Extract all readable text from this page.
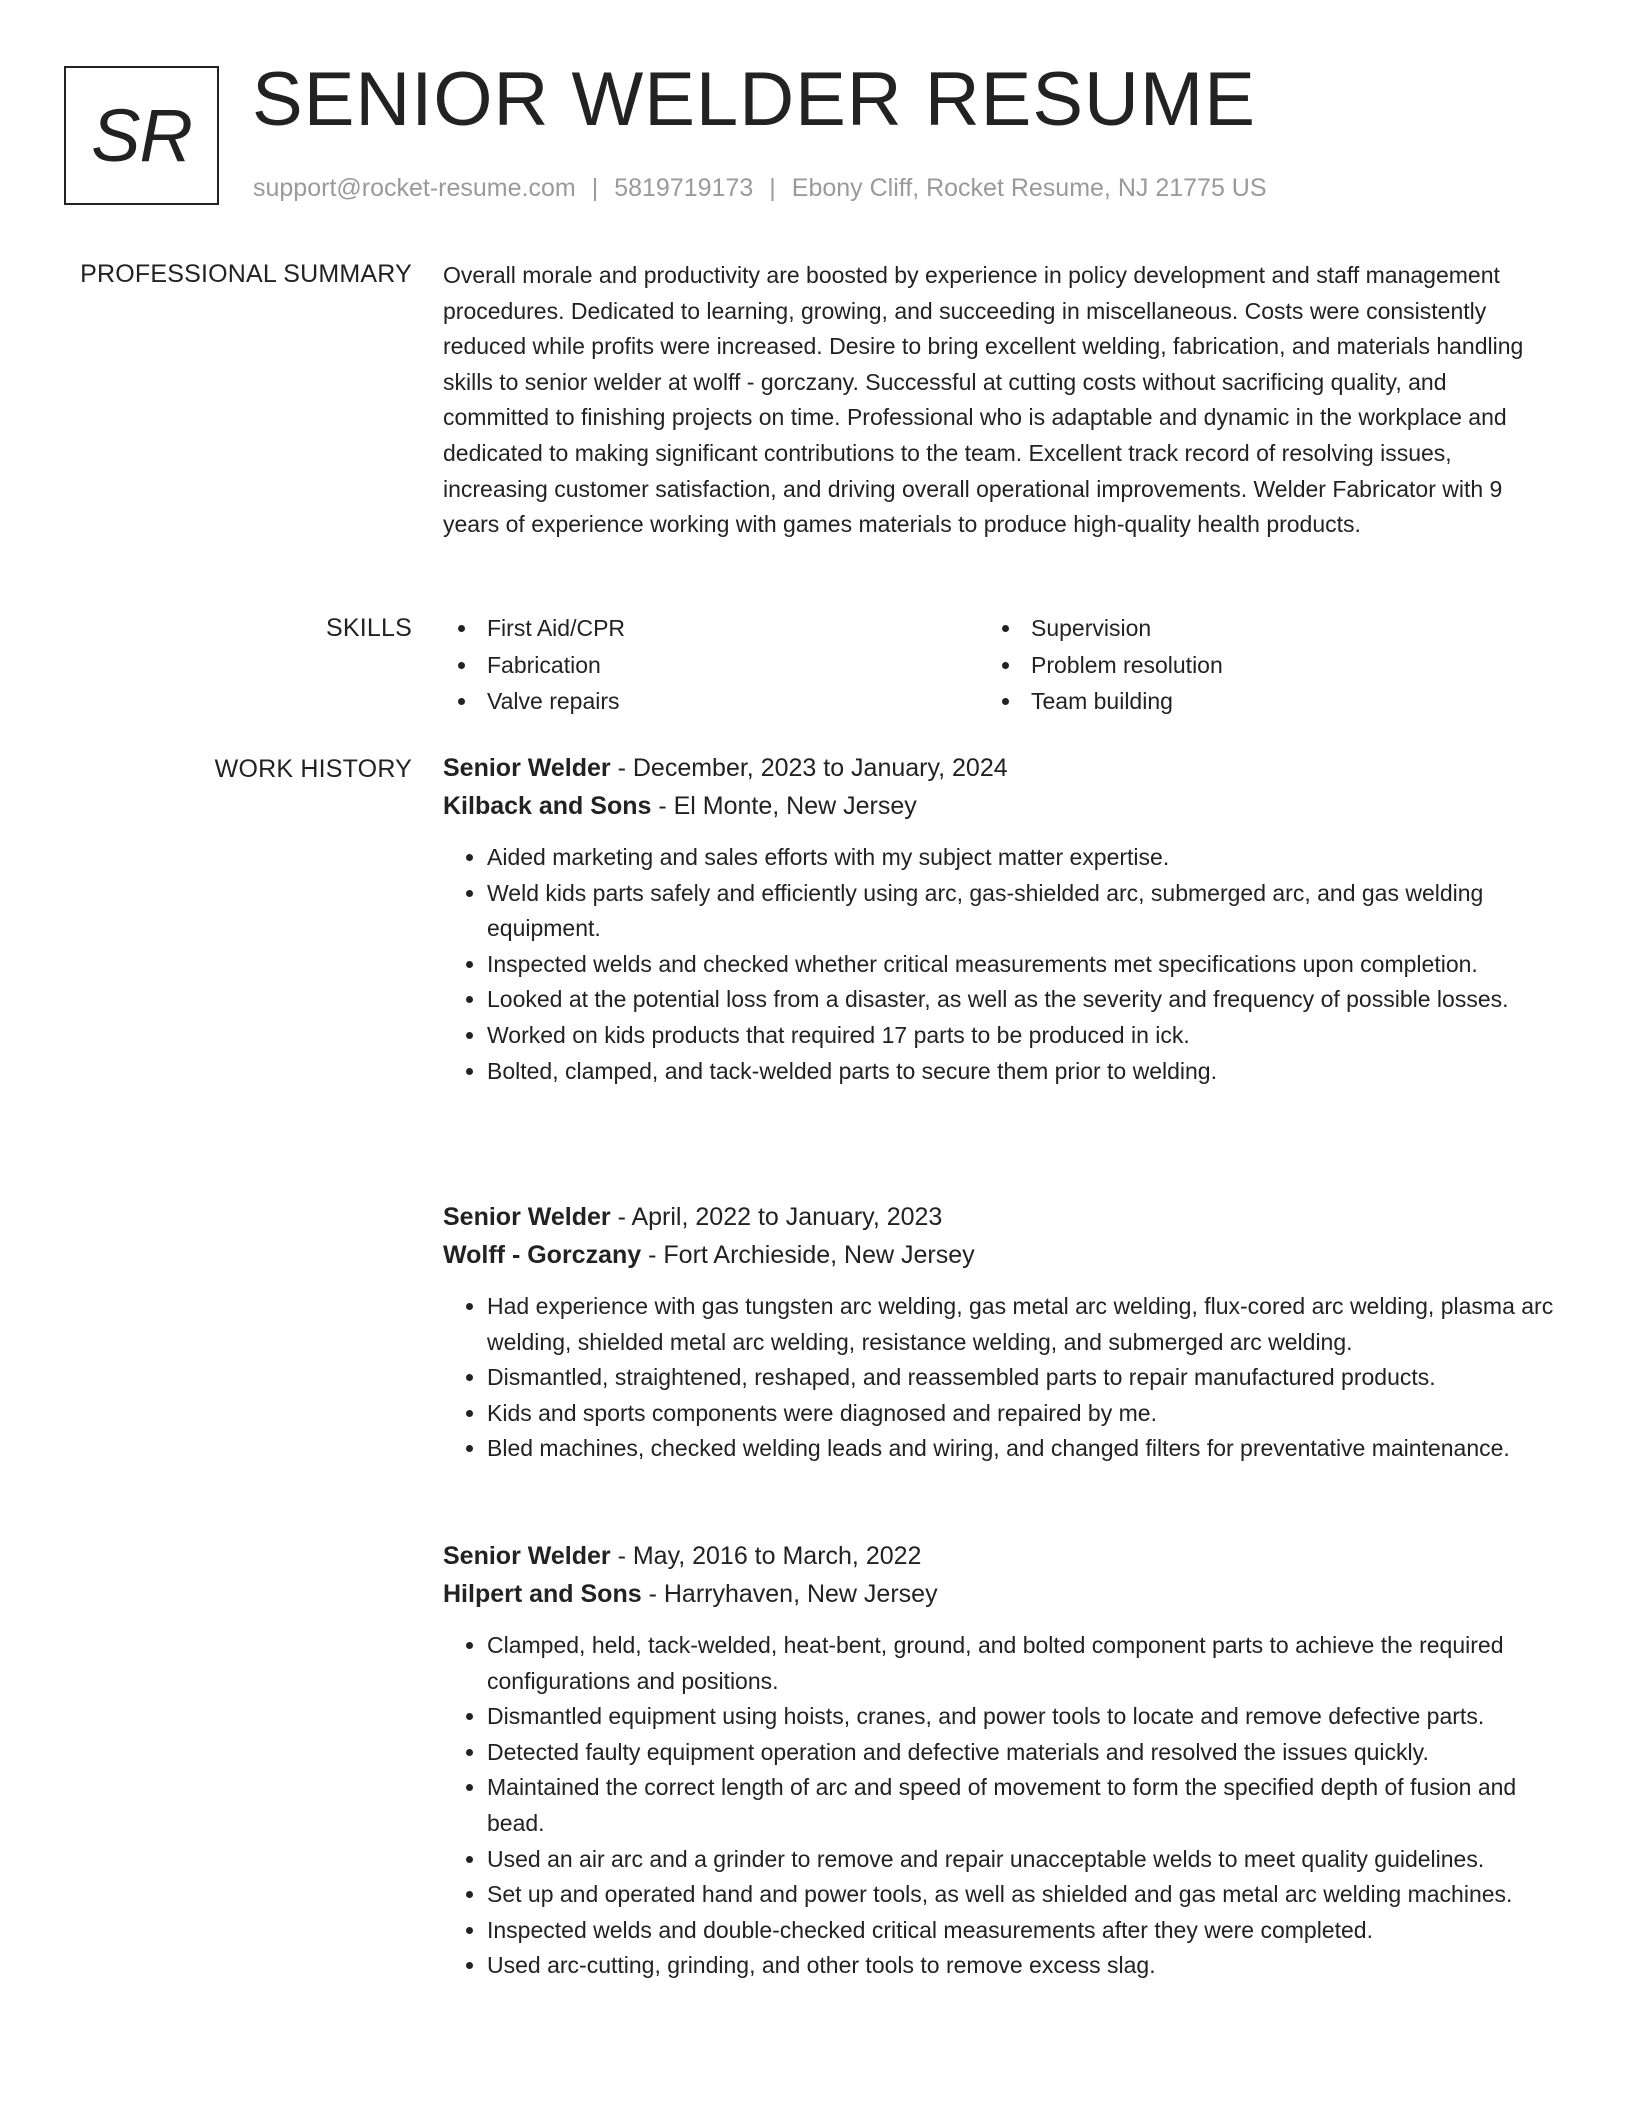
SR SENIOR WELDER RESUME
support@rocket-resume.com | 5819719173 | Ebony Cliff, Rocket Resume, NJ 21775 US
PROFESSIONAL SUMMARY Overall morale and productivity are boosted by experience in policy development and staff management procedures. Dedicated to learning, growing, and succeeding in miscellaneous. Costs were consistently reduced while profits were increased. Desire to bring excellent welding, fabrication, and materials handling skills to senior welder at wolff - gorczany. Successful at cutting costs without sacrificing quality, and committed to finishing projects on time. Professional who is adaptable and dynamic in the workplace and dedicated to making significant contributions to the team. Excellent track record of resolving issues, increasing customer satisfaction, and driving overall operational improvements. Welder Fabricator with 9 years of experience working with games materials to produce high-quality health products.

SKILLS	First Aid/CPR	Supervision
Fabrication	Problem resolution
Valve repairs	Team building
WORK HISTORY Senior Welder - December, 2023 to January, 2024
Kilback and Sons - El Monte, New Jersey
• Aided marketing and sales efforts with my subject matter expertise.
• Weld kids parts safely and efficiently using arc, gas-shielded arc, submerged arc, and gas welding equipment.
• Inspected welds and checked whether critical measurements met specifications upon completion.
• Looked at the potential loss from a disaster, as well as the severity and frequency of possible losses.
• Worked on kids products that required 17 parts to be produced in ick.
• Bolted, clamped, and tack-welded parts to secure them prior to welding.
Senior Welder - April, 2022 to January, 2023
Wolff - Gorczany - Fort Archieside, New Jersey
• Had experience with gas tungsten arc welding, gas metal arc welding, flux-cored arc welding, plasma arc welding, shielded metal arc welding, resistance welding, and submerged arc welding.
• Dismantled, straightened, reshaped, and reassembled parts to repair manufactured products.
• Kids and sports components were diagnosed and repaired by me.
• Bled machines, checked welding leads and wiring, and changed filters for preventative maintenance.
Senior Welder - May, 2016 to March, 2022
Hilpert and Sons - Harryhaven, New Jersey
• Clamped, held, tack-welded, heat-bent, ground, and bolted component parts to achieve the required configurations and positions.
• Dismantled equipment using hoists, cranes, and power tools to locate and remove defective parts.
• Detected faulty equipment operation and defective materials and resolved the issues quickly.
• Maintained the correct length of arc and speed of movement to form the specified depth of fusion and bead.
• Used an air arc and a grinder to remove and repair unacceptable welds to meet quality guidelines.
• Set up and operated hand and power tools, as well as shielded and gas metal arc welding machines.
• Inspected welds and double-checked critical measurements after they were completed.
• Used arc-cutting, grinding, and other tools to remove excess slag.
